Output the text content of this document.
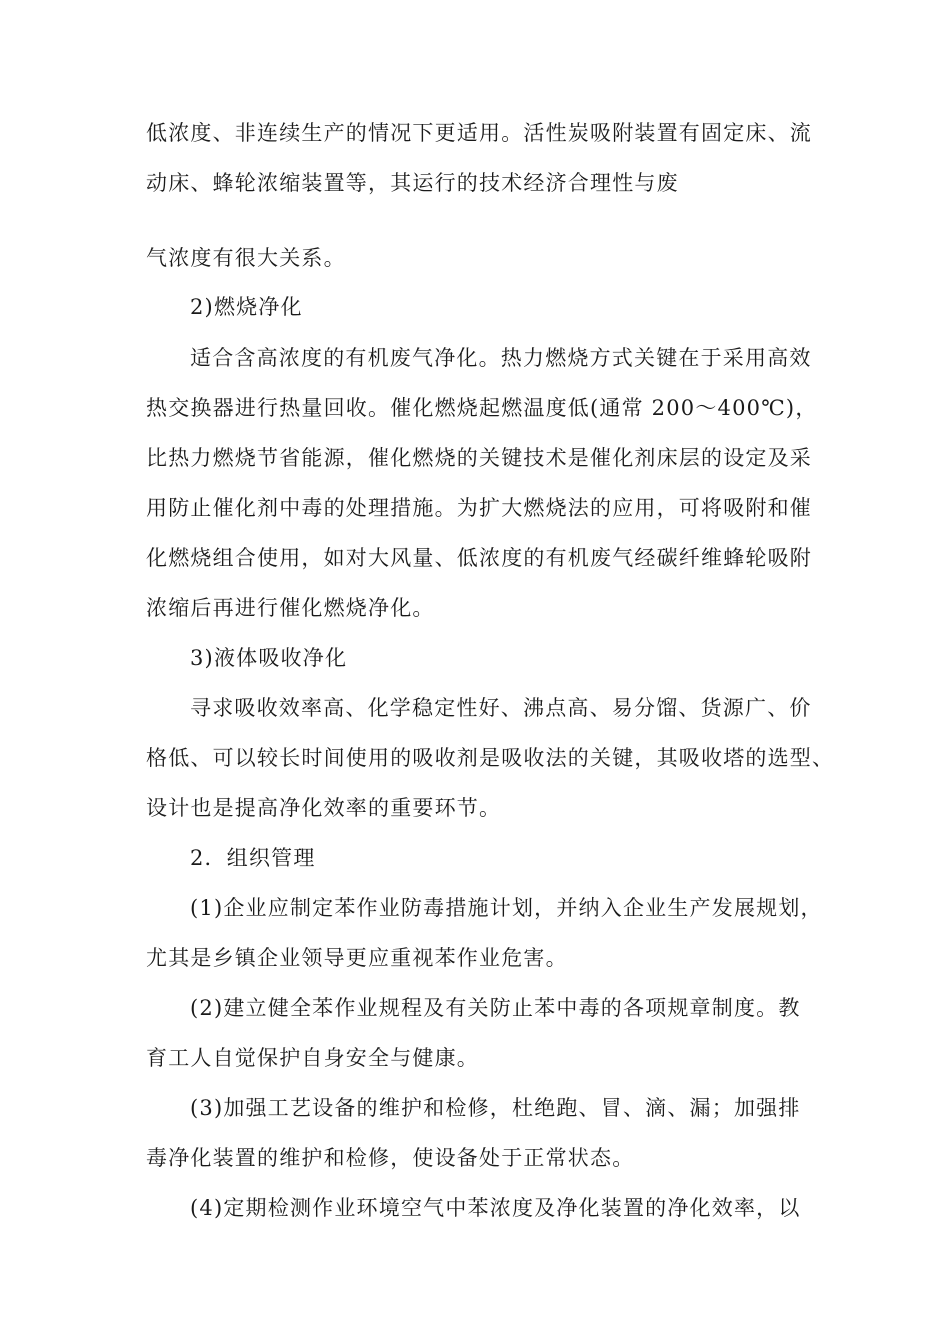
低浓度、非连续生产的情况下更适用。活性炭吸附装置有固定床、流
动床、蜂轮浓缩装置等，其运行的技术经济合理性与废
气浓度有很大关系。
2)燃烧净化
适合含高浓度的有机废气净化。热力燃烧方式关键在于采用高效
热交换器进行热量回收。催化燃烧起燃温度低(通常 200～400℃)，
比热力燃烧节省能源，催化燃烧的关键技术是催化剂床层的设定及采
用防止催化剂中毒的处理措施。为扩大燃烧法的应用，可将吸附和催
化燃烧组合使用，如对大风量、低浓度的有机废气经碳纤维蜂轮吸附
浓缩后再进行催化燃烧净化。
3)液体吸收净化
寻求吸收效率高、化学稳定性好、沸点高、易分馏、货源广、价
格低、可以较长时间使用的吸收剂是吸收法的关键，其吸收塔的选型、
设计也是提高净化效率的重要环节。
2．组织管理
(1)企业应制定苯作业防毒措施计划，并纳入企业生产发展规划，
尤其是乡镇企业领导更应重视苯作业危害。
(2)建立健全苯作业规程及有关防止苯中毒的各项规章制度。教
育工人自觉保护自身安全与健康。
(3)加强工艺设备的维护和检修，杜绝跑、冒、滴、漏；加强排
毒净化装置的维护和检修，使设备处于正常状态。
(4)定期检测作业环境空气中苯浓度及净化装置的净化效率，以
